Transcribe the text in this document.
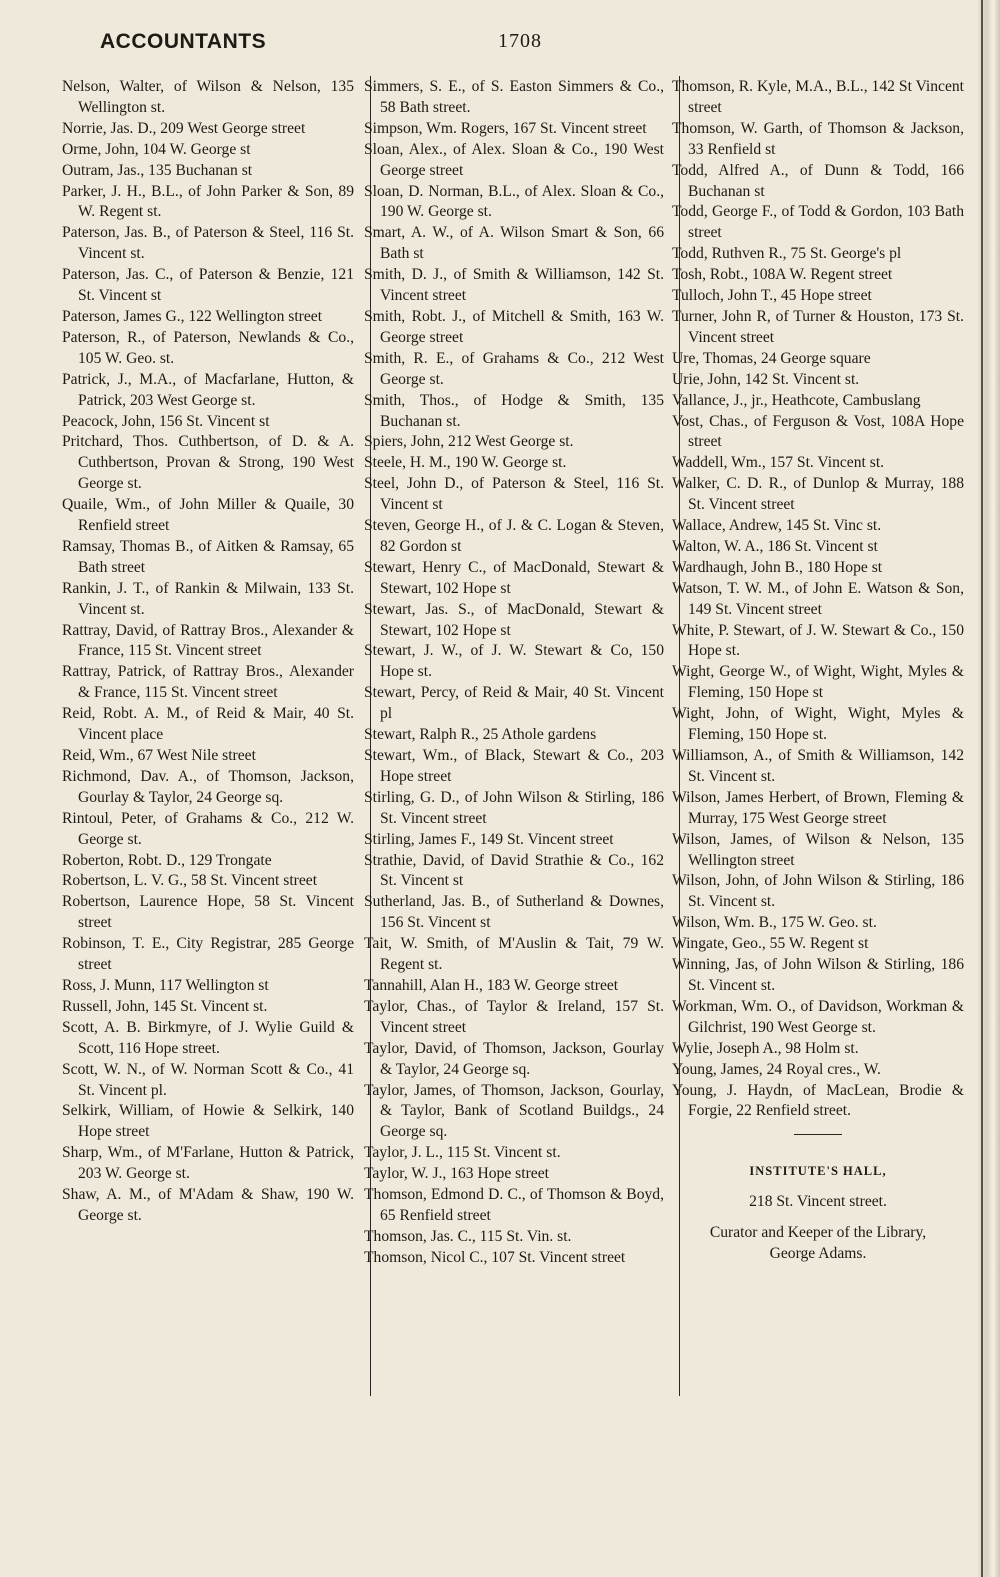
ACCOUNTANTS	1708
Nelson, Walter, of Wilson & Nelson, 135 Wellington st.
Norrie, Jas. D., 209 West George street
Orme, John, 104 W. George st
Outram, Jas., 135 Buchanan st
Parker, J. H., B.L., of John Parker & Son, 89 W. Regent st.
Paterson, Jas. B., of Paterson & Steel, 116 St. Vincent st.
Paterson, Jas. C., of Paterson & Benzie, 121 St. Vincent st
Paterson, James G., 122 Wellington street
Paterson, R., of Paterson, Newlands & Co., 105 W. Geo. st.
Patrick, J., M.A., of Macfarlane, Hutton, & Patrick, 203 West George st.
Peacock, John, 156 St. Vincent st
Pritchard, Thos. Cuthbertson, of D. & A. Cuthbertson, Provan & Strong, 190 West George st.
Quaile, Wm., of John Miller & Quaile, 30 Renfield street
Ramsay, Thomas B., of Aitken & Ramsay, 65 Bath street
Rankin, J. T., of Rankin & Milwain, 133 St. Vincent st.
Rattray, David, of Rattray Bros., Alexander & France, 115 St. Vincent street
Rattray, Patrick, of Rattray Bros., Alexander & France, 115 St. Vincent street
Reid, Robt. A. M., of Reid & Mair, 40 St. Vincent place
Reid, Wm., 67 West Nile street
Richmond, Dav. A., of Thomson, Jackson, Gourlay & Taylor, 24 George sq.
Rintoul, Peter, of Grahams & Co., 212 W. George st.
Roberton, Robt. D., 129 Trongate
Robertson, L. V. G., 58 St. Vincent street
Robertson, Laurence Hope, 58 St. Vincent street
Robinson, T. E., City Registrar, 285 George street
Ross, J. Munn, 117 Wellington st
Russell, John, 145 St. Vincent st.
Scott, A. B. Birkmyre, of J. Wylie Guild & Scott, 116 Hope street.
Scott, W. N., of W. Norman Scott & Co., 41 St. Vincent pl.
Selkirk, William, of Howie & Selkirk, 140 Hope street
Sharp, Wm., of M'Farlane, Hutton & Patrick, 203 W. George st.
Shaw, A. M., of M'Adam & Shaw, 190 W. George st.
Simmers, S. E., of S. Easton Simmers & Co., 58 Bath street.
Simpson, Wm. Rogers, 167 St. Vincent street
Sloan, Alex., of Alex. Sloan & Co., 190 West George street
Sloan, D. Norman, B.L., of Alex. Sloan & Co., 190 W. George st.
Smart, A. W., of A. Wilson Smart & Son, 66 Bath st
Smith, D. J., of Smith & Williamson, 142 St. Vincent street
Smith, Robt. J., of Mitchell & Smith, 163 W. George street
Smith, R. E., of Grahams & Co., 212 West George st.
Smith, Thos., of Hodge & Smith, 135 Buchanan st.
Spiers, John, 212 West George st.
Steele, H. M., 190 W. George st.
Steel, John D., of Paterson & Steel, 116 St. Vincent st
Steven, George H., of J. & C. Logan & Steven, 82 Gordon st
Stewart, Henry C., of MacDonald, Stewart & Stewart, 102 Hope st
Stewart, Jas. S., of MacDonald, Stewart & Stewart, 102 Hope st
Stewart, J. W., of J. W. Stewart & Co, 150 Hope st.
Stewart, Percy, of Reid & Mair, 40 St. Vincent pl
Stewart, Ralph R., 25 Athole gardens
Stewart, Wm., of Black, Stewart & Co., 203 Hope street
Stirling, G. D., of John Wilson & Stirling, 186 St. Vincent street
Stirling, James F., 149 St. Vincent street
Strathie, David, of David Strathie & Co., 162 St. Vincent st
Sutherland, Jas. B., of Sutherland & Downes, 156 St. Vincent st
Tait, W. Smith, of M'Auslin & Tait, 79 W. Regent st.
Tannahill, Alan H., 183 W. George street
Taylor, Chas., of Taylor & Ireland, 157 St. Vincent street
Taylor, David, of Thomson, Jackson, Gourlay & Taylor, 24 George sq.
Taylor, James, of Thomson, Jackson, Gourlay, & Taylor, Bank of Scotland Buildgs., 24 George sq.
Taylor, J. L., 115 St. Vincent st.
Taylor, W. J., 163 Hope street
Thomson, Edmond D. C., of Thomson & Boyd, 65 Renfield street
Thomson, Jas. C., 115 St. Vin. st.
Thomson, Nicol C., 107 St. Vincent street
Thomson, R. Kyle, M.A., B.L., 142 St Vincent street
Thomson, W. Garth, of Thomson & Jackson, 33 Renfield st
Todd, Alfred A., of Dunn & Todd, 166 Buchanan st
Todd, George F., of Todd & Gordon, 103 Bath street
Todd, Ruthven R., 75 St. George's pl
Tosh, Robt., 108A W. Regent street
Tulloch, John T., 45 Hope street
Turner, John R, of Turner & Houston, 173 St. Vincent street
Ure, Thomas, 24 George square
Urie, John, 142 St. Vincent st.
Vallance, J., jr., Heathcote, Cambuslang
Vost, Chas., of Ferguson & Vost, 108A Hope street
Waddell, Wm., 157 St. Vincent st.
Walker, C. D. R., of Dunlop & Murray, 188 St. Vincent street
Wallace, Andrew, 145 St. Vinc st.
Walton, W. A., 186 St. Vincent st
Wardhaugh, John B., 180 Hope st
Watson, T. W. M., of John E. Watson & Son, 149 St. Vincent street
White, P. Stewart, of J. W. Stewart & Co., 150 Hope st.
Wight, George W., of Wight, Wight, Myles & Fleming, 150 Hope st
Wight, John, of Wight, Wight, Myles & Fleming, 150 Hope st.
Williamson, A., of Smith & Williamson, 142 St. Vincent st.
Wilson, James Herbert, of Brown, Fleming & Murray, 175 West George street
Wilson, James, of Wilson & Nelson, 135 Wellington street
Wilson, John, of John Wilson & Stirling, 186 St. Vincent st.
Wilson, Wm. B., 175 W. Geo. st.
Wingate, Geo., 55 W. Regent st
Winning, Jas, of John Wilson & Stirling, 186 St. Vincent st.
Workman, Wm. O., of Davidson, Workman & Gilchrist, 190 West George st.
Wylie, Joseph A., 98 Holm st.
Young, James, 24 Royal cres., W.
Young, J. Haydn, of MacLean, Brodie & Forgie, 22 Renfield street.
INSTITUTE'S HALL,
218 St. Vincent street.
Curator and Keeper of the Library,
George Adams.
